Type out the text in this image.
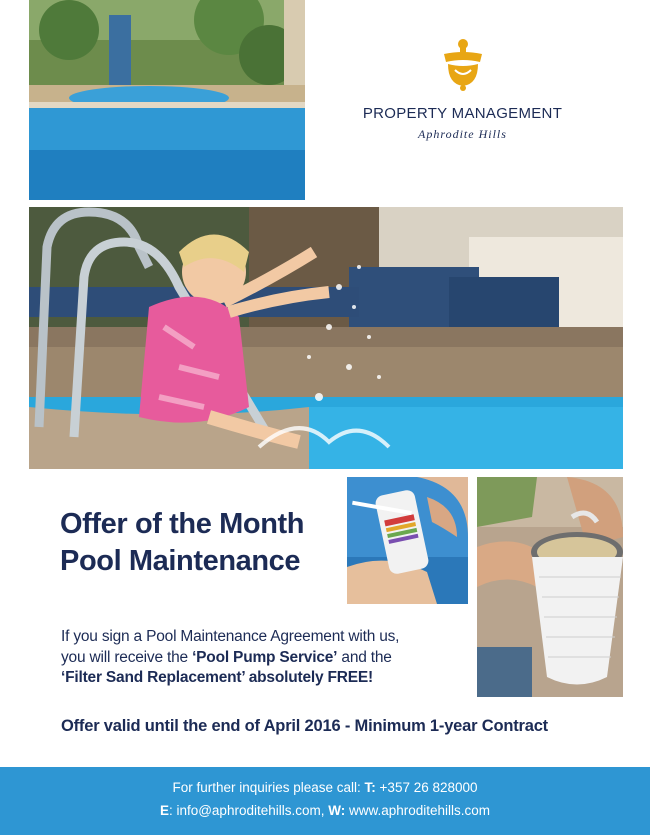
PROPERTY MANAGEMENT
Aphrodite Hills
Offer of the Month
Pool Maintenance
If you sign a Pool Maintenance Agreement with us,
you will receive the ‘Pool Pump Service’ and the
‘Filter Sand Replacement’ absolutely FREE!
Offer valid until the end of April 2016 - Minimum 1-year Contract
For further inquiries please call: T: +357 26 828000
E: info@aphroditehills.com, W: www.aphroditehills.com
